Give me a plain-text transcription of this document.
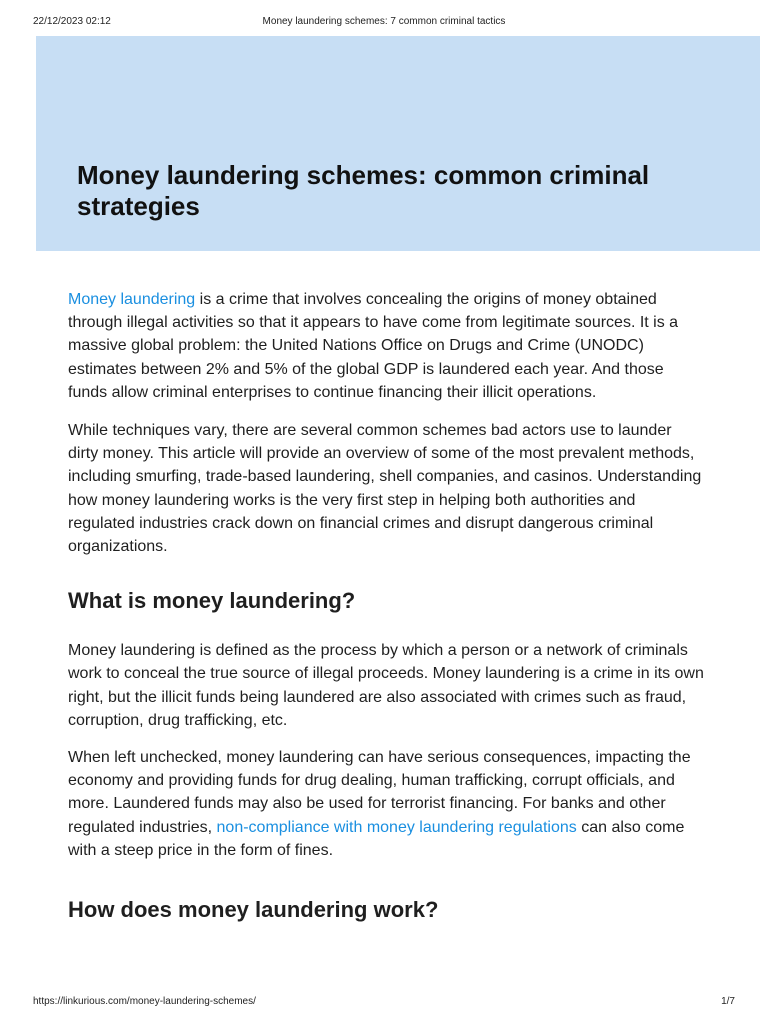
22/12/2023 02:12	Money laundering schemes: 7 common criminal tactics
Money laundering schemes: common criminal strategies

Money laundering is a crime that involves concealing the origins of money obtained through illegal activities so that it appears to have come from legitimate sources. It is a massive global problem: the United Nations Office on Drugs and Crime (UNODC) estimates between 2% and 5% of the global GDP is laundered each year. And those funds allow criminal enterprises to continue financing their illicit operations.

While techniques vary, there are several common schemes bad actors use to launder dirty money. This article will provide an overview of some of the most prevalent methods, including smurfing, trade-based laundering, shell companies, and casinos. Understanding how money laundering works is the very first step in helping both authorities and regulated industries crack down on financial crimes and disrupt dangerous criminal organizations.

What is money laundering?

Money laundering is defined as the process by which a person or a network of criminals work to conceal the true source of illegal proceeds. Money laundering is a crime in its own right, but the illicit funds being laundered are also associated with crimes such as fraud, corruption, drug trafficking, etc.

When left unchecked, money laundering can have serious consequences, impacting the economy and providing funds for drug dealing, human trafficking, corrupt officials, and more. Laundered funds may also be used for terrorist financing. For banks and other regulated industries, non-compliance with money laundering regulations can also come with a steep price in the form of fines.

How does money laundering work?
https://linkurious.com/money-laundering-schemes/	1/7
